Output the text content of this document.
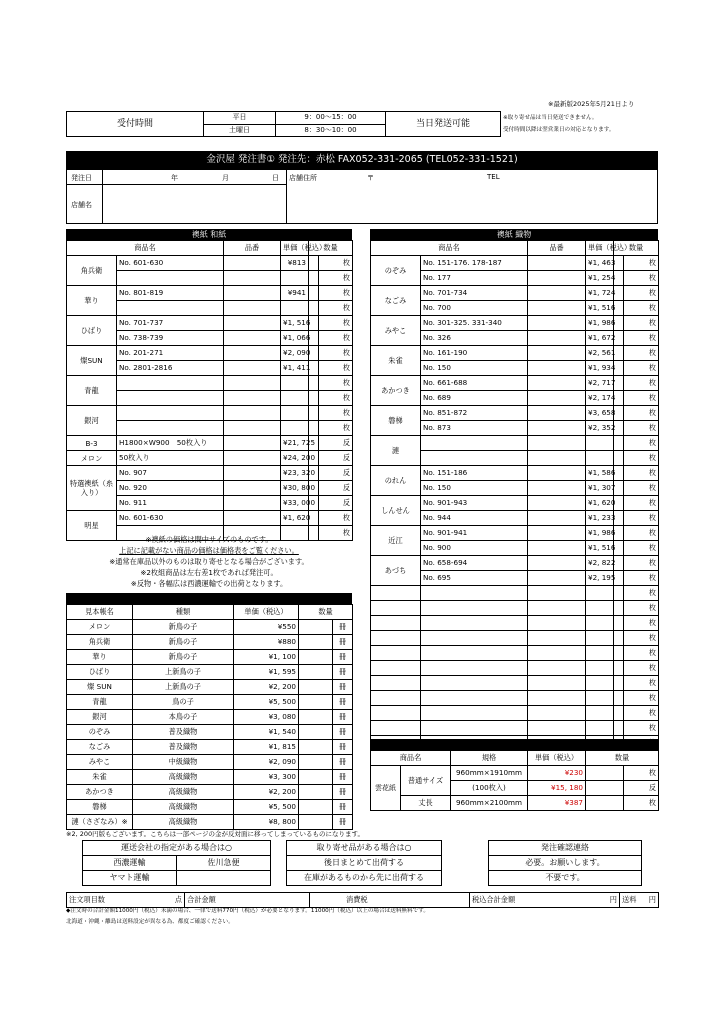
※最新版2025年5月21日より
受付時間	平日	9：00～15：00	当日発送可能	※取り寄せ品は当日発送できません。
受付時間以降は翌営業日の対応となります。

	土曜日	8：30～10：00		
金沢屋 発注書① 発注先：赤松 FAX052-331-2065 (TEL052-331-1521)
発注日	年	月	日
店舗名
店舗住所	〒	TEL
襖紙 和紙
商品名		品番	単価（税込）	数量	
角兵衛	No. 601-630		¥813		枚
					枚
華り	No. 801-819		¥941		枚
					枚
ひばり	No. 701-737		¥1, 516		枚
	No. 738-739		¥1, 066		枚
燦SUN	No. 201-271		¥2, 090		枚
	No. 2801-2816		¥1, 411		枚
青龍					枚
					枚
銀河					枚
					枚
B-3	H1800×W900　50枚入り		¥21, 725		反
メロン	50枚入り		¥24, 200		反
特選襖紙（糸入り）	No. 907		¥23, 320		反
	No. 920		¥30, 800		反
	No. 911		¥33, 000		反
明星	No. 601-630		¥1, 620		枚
					枚
※襖紙の価格は間中サイズのものです。
上記に記載がない商品の価格は価格表をご覧ください。
※通常在庫品以外のものは取り寄せとなる場合がございます。
※2枚組商品は左右差1枚であれば発注可。
※反物・各幅広は西濃運輸での出荷となります。
見本帳名	種類	単価（税込）	数量	
メロン	新鳥の子	¥550		冊
角兵衛	新鳥の子	¥880		冊
華り	新鳥の子	¥1, 100		冊
ひばり	上新鳥の子	¥1, 595		冊
燦 SUN	上新鳥の子	¥2, 200		冊
青龍	鳥の子	¥5, 500		冊
銀河	本鳥の子	¥3, 080		冊
のぞみ	普及織物	¥1, 540		冊
なごみ	普及織物	¥1, 815		冊
みやこ	中級織物	¥2, 090		冊
朱雀	高級織物	¥3, 300		冊
あかつき	高級織物	¥2, 200		冊
磐梯	高級織物	¥5, 500		冊
漣（さざなみ）※	高級織物	¥8, 800		冊
襖紙 織物
商品名		品番	単価（税込）	数量	
のぞみ	No. 151-176. 178-187		¥1, 463		枚
	No. 177		¥1, 254		枚
なごみ	No. 701-734		¥1, 724		枚
	No. 700		¥1, 516		枚
みやこ	No. 301-325. 331-340		¥1, 986		枚
	No. 326		¥1, 672		枚
朱雀	No. 161-190		¥2, 561		枚
	No. 150		¥1, 934		枚
あかつき	No. 661-688		¥2, 717		枚
	No. 689		¥2, 174		枚
磐梯	No. 851-872		¥3, 658		枚
	No. 873		¥2, 352		枚
漣					枚
					枚
のれん	No. 151-186		¥1, 586		枚
	No. 150		¥1, 307		枚
しんせん	No. 901-943		¥1, 620		枚
	No. 944		¥1, 233		枚
近江	No. 901-941		¥1, 986		枚
	No. 900		¥1, 516		枚
あづち	No. 658-694		¥2, 822		枚
	No. 695		¥2, 195		枚
					枚
					枚
					枚
					枚
					枚
					枚
					枚
					枚
					枚
					枚

商品名		規格	単価（税込）	数量	
雲花紙	普通サイズ	960mm×1910mm	¥230		枚
		(100枚入)	¥15, 180		反
	丈長	960mm×2100mm	¥387		枚
※2, 200円版もございます。こちらは一部ページの金が反対面に移ってしまっているものになります。
運送会社の指定がある場合は○	
西濃運輸	佐川急便
ヤマト運輸	
取り寄せ品がある場合は○
後日まとめて出荷する
在庫があるものから先に出荷する
発注確認連絡
必要。お願いします。
不要です。
注文項目数	点	合計金額	消費税	税込合計金額	円	送料 円
◆注文時の合計金額11000円（税込）未満の場合、一律で送料770円（税込）が必要となります。11000円（税込）以上の場合は送料無料です。
北海道・沖縄・離島は送料設定が異なる為、都度ご確認ください。
